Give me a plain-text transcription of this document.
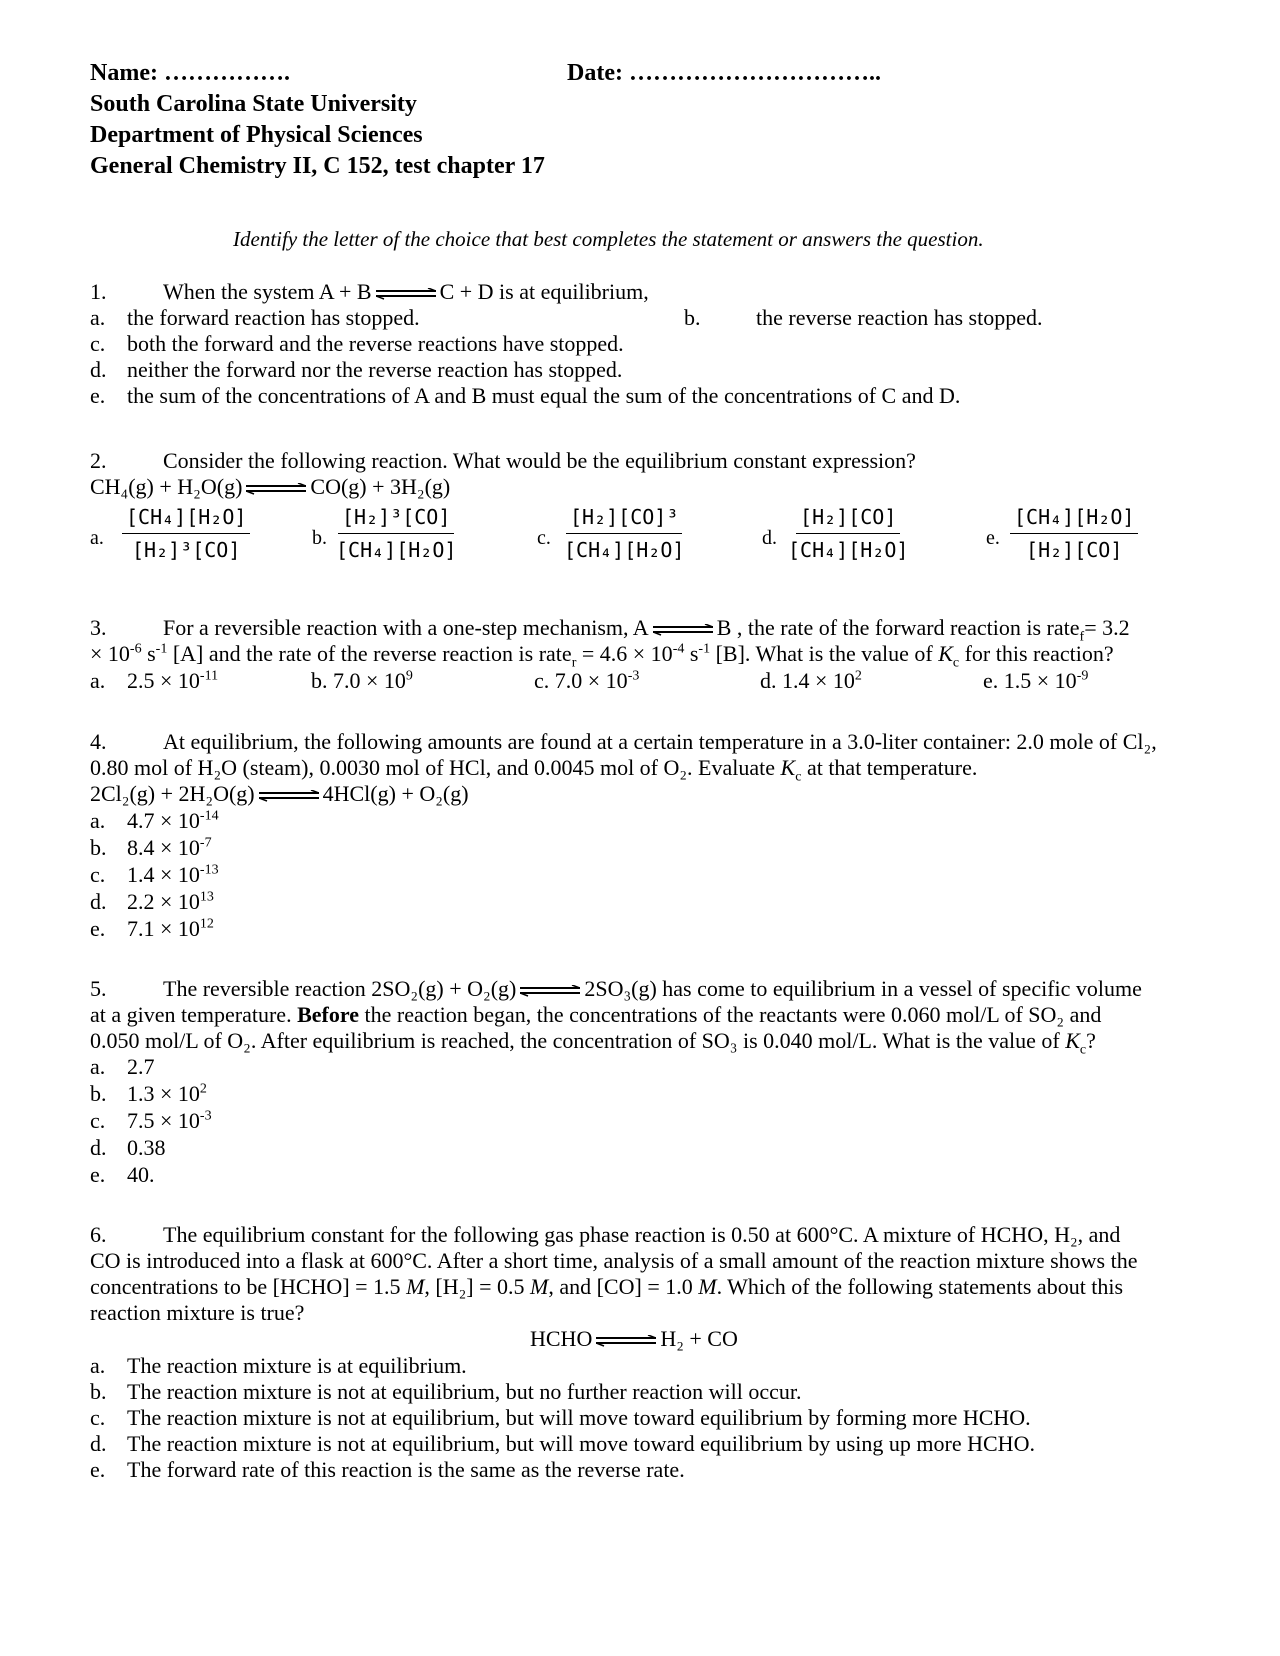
Name: …………….	Date: …………………………..
South Carolina State University
Department of Physical Sciences
General Chemistry II, C 152, test chapter 17
Identify the letter of the choice that best completes the statement or answers the question.
1.	When the system A + B ⇌ C + D is at equilibrium,
a. the forward reaction has stopped.	b.	the reverse reaction has stopped.
c. both the forward and the reverse reactions have stopped.
d. neither the forward nor the reverse reaction has stopped.
e. the sum of the concentrations of A and B must equal the sum of the concentrations of C and D.
2.	Consider the following reaction. What would be the equilibrium constant expression?
CH₄(g) + H₂O(g) ⇌ CO(g) + 3H₂(g)
a. $\frac{\text{[CH₄][H₂O]}}{\text{[H₂]³[CO]}}$	b. $\frac{\text{[H₂]³[CO]}}{\text{[CH₄][H₂O]}}$	c. $\frac{\text{[H₂][CO]³}}{\text{[CH₄][H₂O]}}$	d. $\frac{\text{[H₂][CO]}}{\text{[CH₄][H₂O]}}$	e. $\frac{\text{[CH₄][H₂O]}}{\text{[H₂][CO]}}$
3.	For a reversible reaction with a one-step mechanism, A ⇌ B , the rate of the forward reaction is rate$_f$= 3.2
× $10^{-6}$ $s^{-1}$ [A] and the rate of the reverse reaction is rate$_r$ = $4.6 \times 10^{-4}$ $s^{-1}$ [B]. What is the value of $K_c$ for this reaction?
a. $2.5 \times 10^{-11}$	b. $7.0 \times 10^9$	c. $7.0 \times 10^{-3}$	d. $1.4 \times 10^2$	e. $1.5 \times 10^{-9}$
4.	At equilibrium, the following amounts are found at a certain temperature in a 3.0-liter container: 2.0 mole of Cl₂,
0.80 mol of H₂O (steam), 0.0030 mol of HCl, and 0.0045 mol of O₂. Evaluate $K_c$ at that temperature.
2Cl₂(g) + 2H₂O(g) ⇌ 4HCl(g) + O₂(g)
a. $4.7 \times 10^{-14}$
b. $8.4 \times 10^{-7}$
c. $1.4 \times 10^{-13}$
d. $2.2 \times 10^{13}$
e. $7.1 \times 10^{12}$
5.	The reversible reaction 2SO₂(g) + O₂(g) ⇌ 2SO₃(g) has come to equilibrium in a vessel of specific volume
at a given temperature. Before the reaction began, the concentrations of the reactants were 0.060 mol/L of SO₂ and
0.050 mol/L of O₂. After equilibrium is reached, the concentration of SO₃ is 0.040 mol/L. What is the value of $K_c$?
a. 2.7
b. $1.3 \times 10^2$
c. $7.5 \times 10^{-3}$
d. 0.38
e. 40.
6.	The equilibrium constant for the following gas phase reaction is 0.50 at 600°C. A mixture of HCHO, H₂, and
CO is introduced into a flask at 600°C. After a short time, analysis of a small amount of the reaction mixture shows the
concentrations to be [HCHO] = 1.5 M, [H₂] = 0.5 M, and [CO] = 1.0 M. Which of the following statements about this
reaction mixture is true?
HCHO ⇌ H₂ + CO
a. The reaction mixture is at equilibrium.
b. The reaction mixture is not at equilibrium, but no further reaction will occur.
c. The reaction mixture is not at equilibrium, but will move toward equilibrium by forming more HCHO.
d. The reaction mixture is not at equilibrium, but will move toward equilibrium by using up more HCHO.
e. The forward rate of this reaction is the same as the reverse rate.
